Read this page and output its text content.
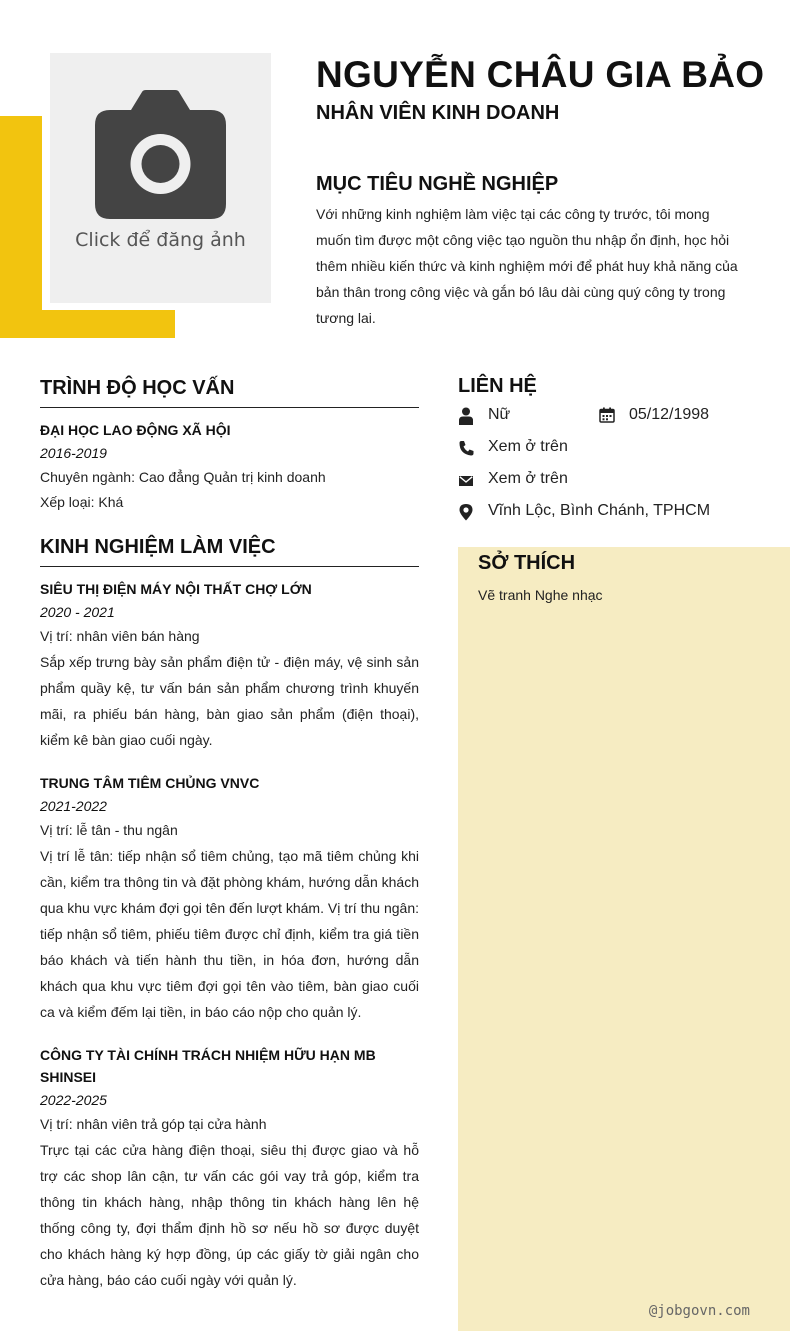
Click để đăng ảnh
NGUYỄN CHÂU GIA BẢO
NHÂN VIÊN KINH DOANH
MỤC TIÊU NGHỀ NGHIỆP
Với những kinh nghiệm làm việc tại các công ty trước, tôi mong muốn tìm được một công việc tạo nguồn thu nhập ổn định, học hỏi thêm nhiều kiến thức và kinh nghiệm mới để phát huy khả năng của bản thân trong công việc và gắn bó lâu dài cùng quý công ty trong tương lai.
TRÌNH ĐỘ HỌC VẤN
ĐẠI HỌC LAO ĐỘNG XÃ HỘI
2016-2019
Chuyên ngành: Cao đẳng Quản trị kinh doanh
Xếp loại: Khá
KINH NGHIỆM LÀM VIỆC
SIÊU THỊ ĐIỆN MÁY NỘI THẤT CHỢ LỚN
2020 - 2021
Vị trí: nhân viên bán hàng
Sắp xếp trưng bày sản phẩm điện tử - điện máy, vệ sinh sản phẩm quầy kệ, tư vấn bán sản phẩm chương trình khuyến mãi, ra phiếu bán hàng, bàn giao sản phẩm (điện thoại), kiểm kê bàn giao cuối ngày.
TRUNG TÂM TIÊM CHỦNG VNVC
2021-2022
Vị trí: lễ tân - thu ngân
Vị trí lễ tân: tiếp nhận sổ tiêm chủng, tạo mã tiêm chủng khi cần, kiểm tra thông tin và đặt phòng khám, hướng dẫn khách qua khu vực khám đợi gọi tên đến lượt khám. Vị trí thu ngân: tiếp nhận sổ tiêm, phiếu tiêm được chỉ định, kiểm tra giá tiền báo khách và tiến hành thu tiền, in hóa đơn, hướng dẫn khách qua khu vực tiêm đợi gọi tên vào tiêm, bàn giao cuối ca và kiểm đếm lại tiền, in báo cáo nộp cho quản lý.
CÔNG TY TÀI CHÍNH TRÁCH NHIỆM HỮU HẠN MB SHINSEI
2022-2025
Vị trí: nhân viên trả góp tại cửa hành
Trực tại các cửa hàng điện thoại, siêu thị được giao và hỗ trợ các shop lân cận, tư vấn các gói vay trả góp, kiểm tra thông tin khách hàng, nhập thông tin khách hàng lên hệ thống công ty, đợi thẩm định hồ sơ nếu hồ sơ được duyệt cho khách hàng ký hợp đồng, úp các giấy tờ giải ngân cho cửa hàng, báo cáo cuối ngày với quản lý.
LIÊN HỆ
Nữ	05/12/1998
Xem ở trên
Xem ở trên
Vĩnh Lộc, Bình Chánh, TPHCM
SỞ THÍCH
Vẽ tranh Nghe nhạc
@jobgovn.com
